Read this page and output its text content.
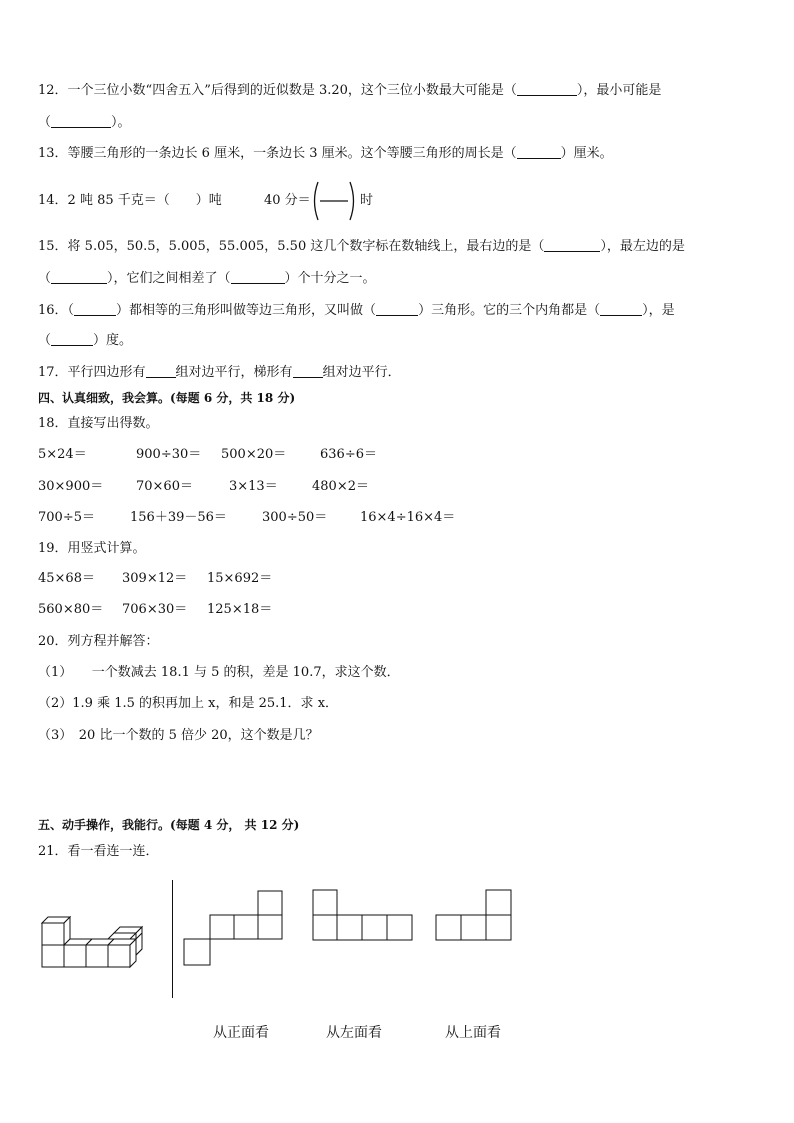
12．一个三位小数“四舍五入”后得到的近似数是 3.20，这个三位小数最大可能是（	），最小可能是
（	）。
13．等腰三角形的一条边长 6 厘米，一条边长 3 厘米。这个等腰三角形的周长是（	）厘米。
14．2 吨 85 千克＝（　　）吨	40 分＝	时
15．将 5.05，50.5，5.005，55.005，5.50 这几个数字标在数轴线上，最右边的是（	），最左边的是
（	），它们之间相差了（	）个十分之一。
16．（	）都相等的三角形叫做等边三角形，又叫做（	）三角形。它的三个内角都是（	），是
（	）度。
17．平行四边形有 组对边平行，梯形有 组对边平行．
四、认真细致，我会算。(每题 6 分，共 18 分)
18．直接写出得数。
5×24＝	900÷30＝ 500×20＝	636÷6＝
30×900＝	70×60＝	3×13＝	480×2＝
700÷5＝	156＋39－56＝	300÷50＝	16×4÷16×4＝
19．用竖式计算。
45×68＝ 309×12＝ 15×692＝
560×80＝ 706×30＝ 125×18＝
20．列方程并解答：
（1）　　一个数减去 18.1 与 5 的积，差是 10.7，求这个数．
（2）1.9 乘 1.5 的积再加上 x，和是 25.1．求 x．
（3）　20 比一个数的 5 倍少 20，这个数是几？
五、动手操作，我能行。(每题 4 分， 共 12 分)
21．看一看连一连．
从正面看	从左面看	从上面看
